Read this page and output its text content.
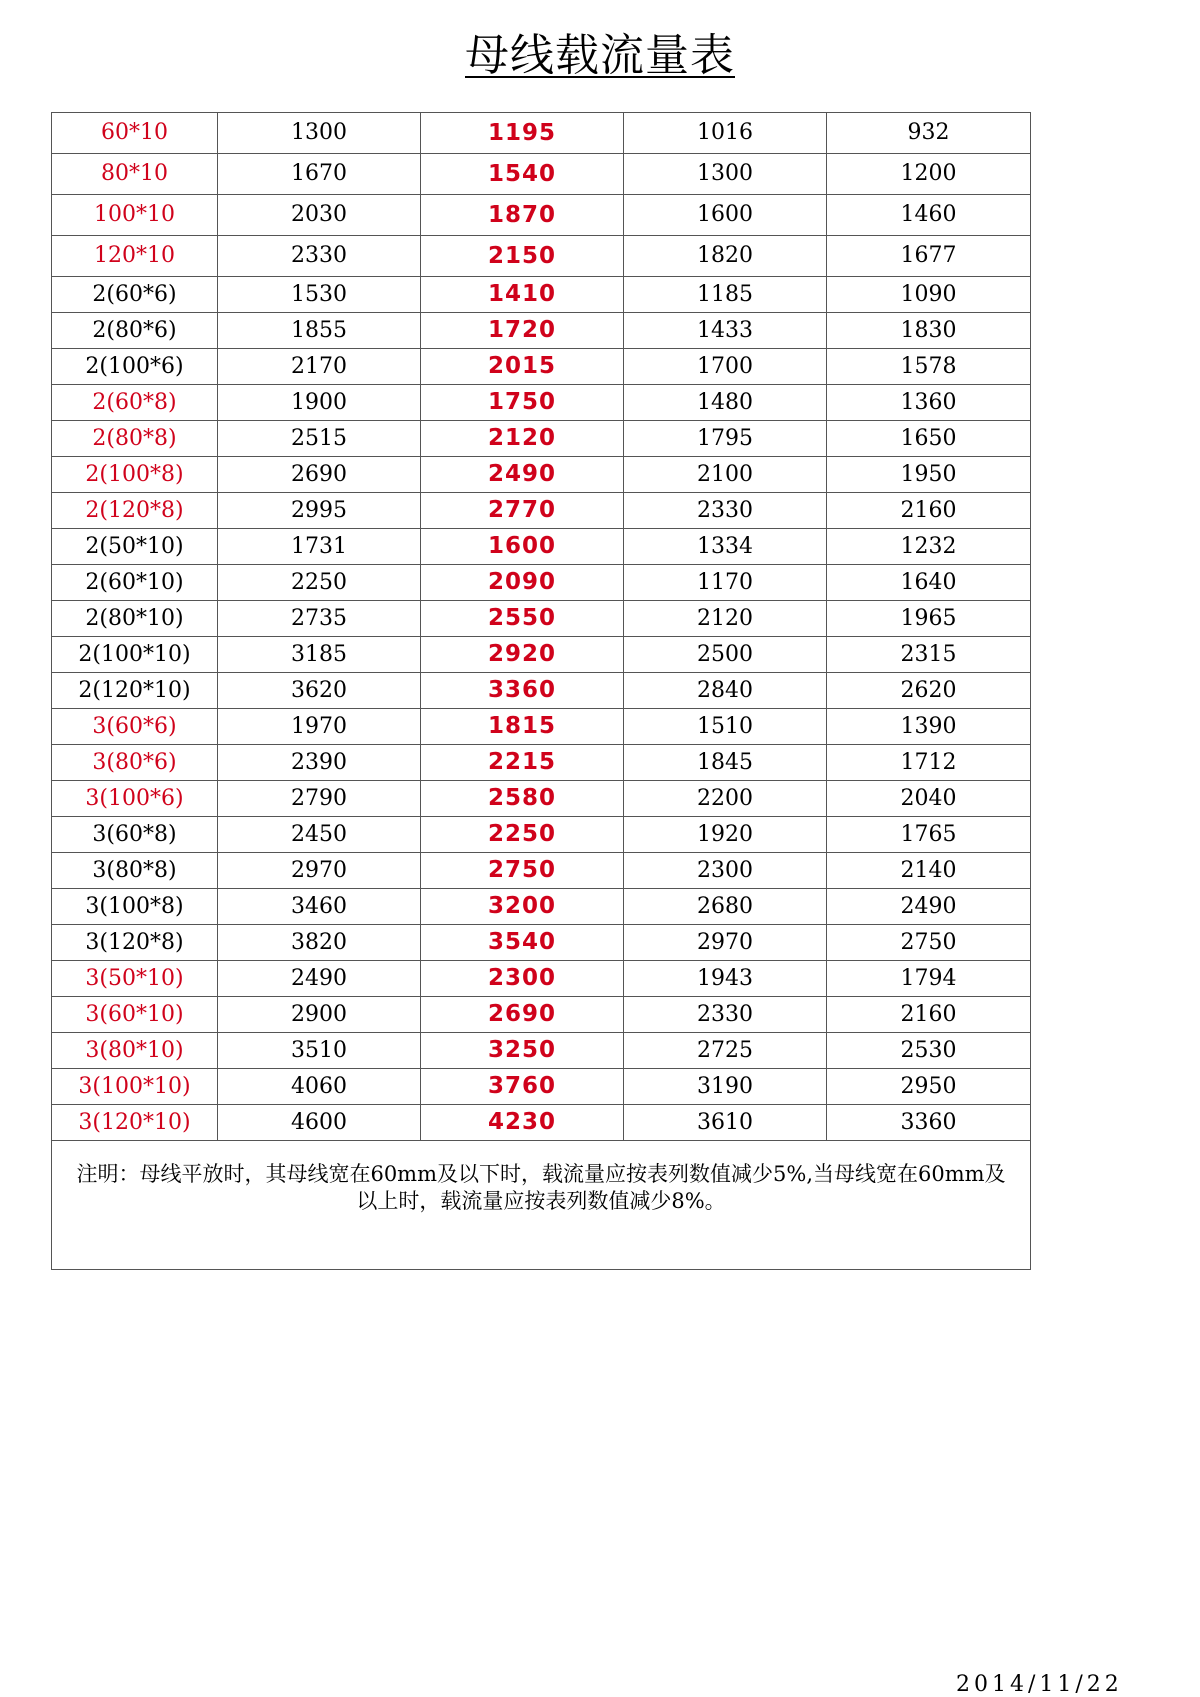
母线载流量表
60*10	1300	1195	1016	932
80*10	1670	1540	1300	1200
100*10	2030	1870	1600	1460
120*10	2330	2150	1820	1677
2(60*6)	1530	1410	1185	1090
2(80*6)	1855	1720	1433	1830
2(100*6)	2170	2015	1700	1578
2(60*8)	1900	1750	1480	1360
2(80*8)	2515	2120	1795	1650
2(100*8)	2690	2490	2100	1950
2(120*8)	2995	2770	2330	2160
2(50*10)	1731	1600	1334	1232
2(60*10)	2250	2090	1170	1640
2(80*10)	2735	2550	2120	1965
2(100*10)	3185	2920	2500	2315
2(120*10)	3620	3360	2840	2620
3(60*6)	1970	1815	1510	1390
3(80*6)	2390	2215	1845	1712
3(100*6)	2790	2580	2200	2040
3(60*8)	2450	2250	1920	1765
3(80*8)	2970	2750	2300	2140
3(100*8)	3460	3200	2680	2490
3(120*8)	3820	3540	2970	2750
3(50*10)	2490	2300	1943	1794
3(60*10)	2900	2690	2330	2160
3(80*10)	3510	3250	2725	2530
3(100*10)	4060	3760	3190	2950
3(120*10)	4600	4230	3610	3360
注明：母线平放时，其母线宽在60mm及以下时，载流量应按表列数值减少5%,当母线宽在60mm及以上时，载流量应按表列数值减少8%。				
2014/11/22
